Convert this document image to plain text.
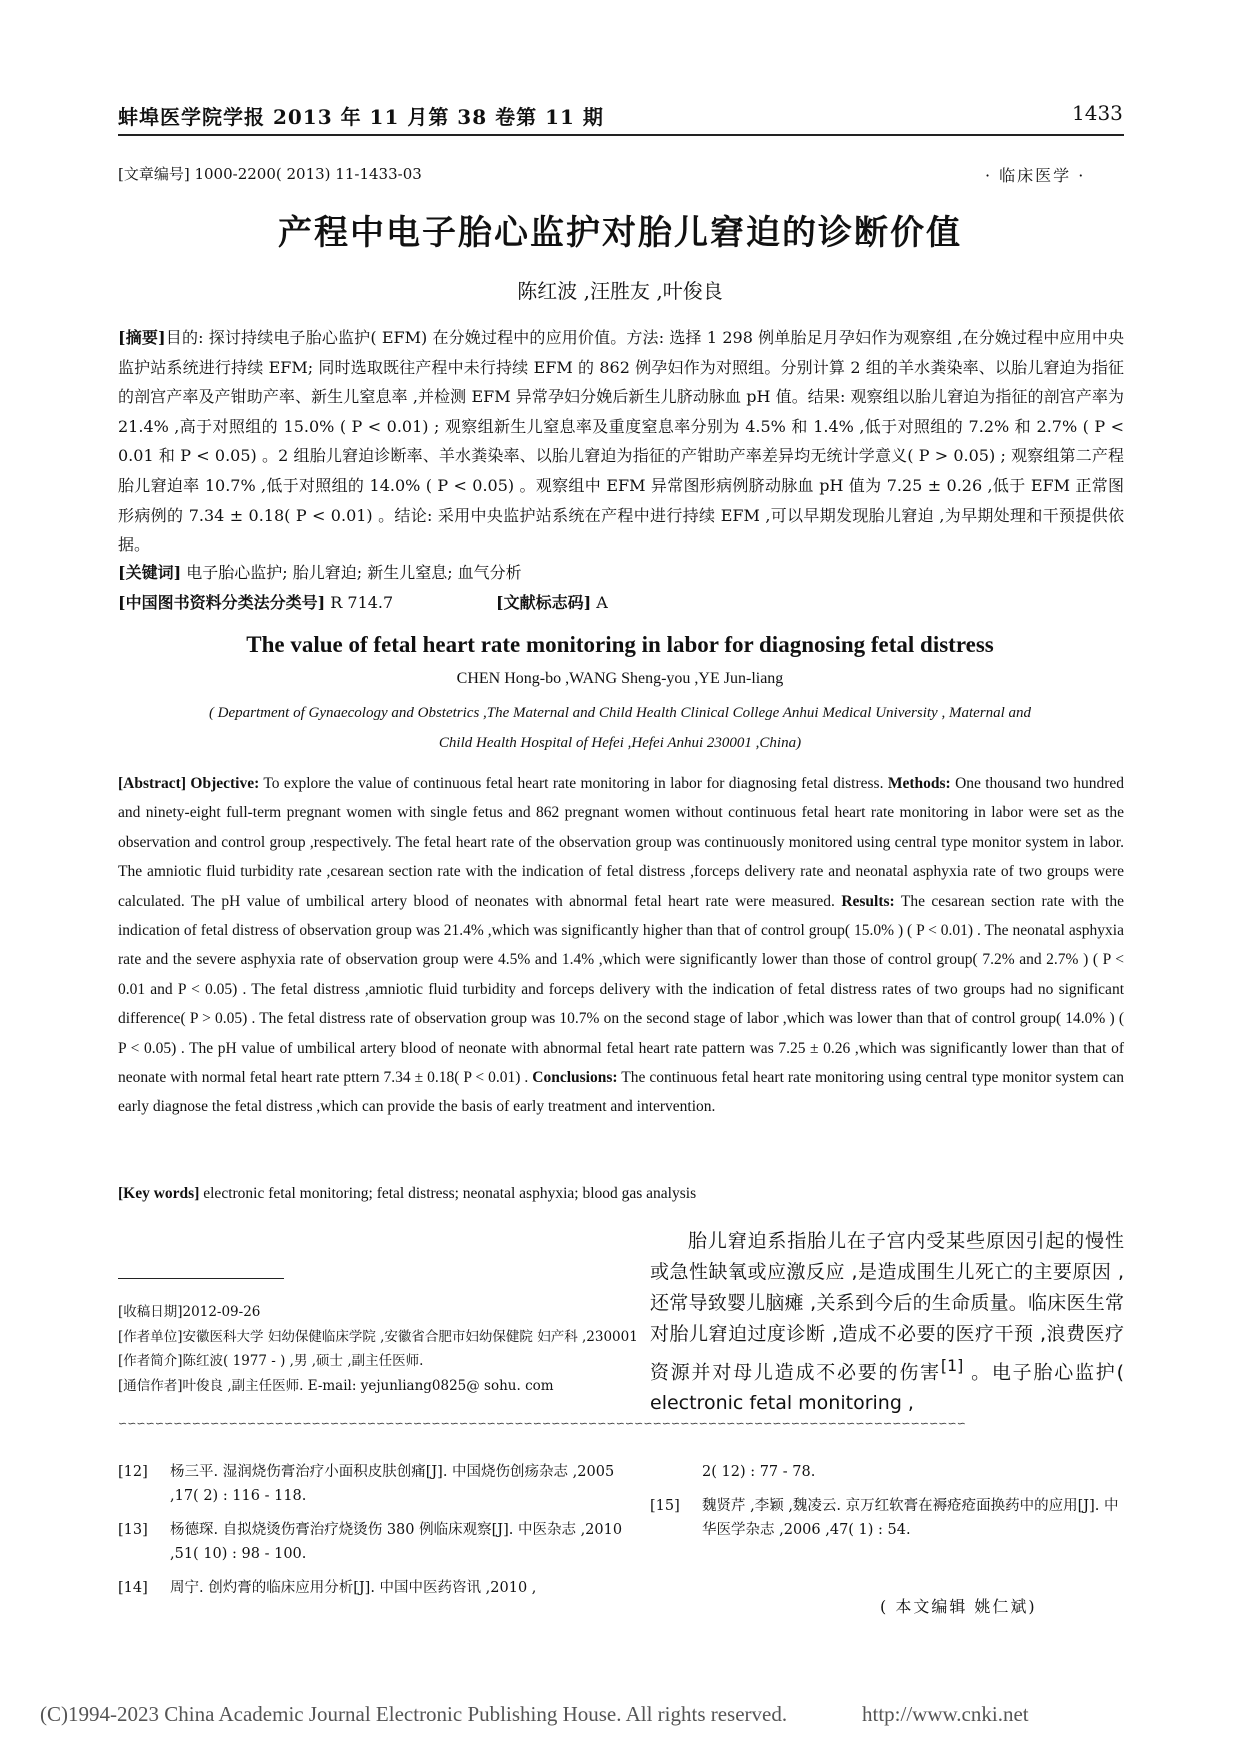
蚌埠医学院学报 2013 年 11 月第 38 卷第 11 期	1433
[文章编号] 1000-2200( 2013) 11-1433-03	· 临床医学 ·
产程中电子胎心监护对胎儿窘迫的诊断价值
陈红波 ,汪胜友 ,叶俊良
[摘要]目的: 探讨持续电子胎心监护( EFM) 在分娩过程中的应用价值。方法: 选择 1 298 例单胎足月孕妇作为观察组 ,在分娩过程中应用中央监护站系统进行持续 EFM; 同时选取既往产程中未行持续 EFM 的 862 例孕妇作为对照组。分别计算 2 组的羊水粪染率、以胎儿窘迫为指征的剖宫产率及产钳助产率、新生儿窒息率 ,并检测 EFM 异常孕妇分娩后新生儿脐动脉血 pH 值。结果: 观察组以胎儿窘迫为指征的剖宫产率为 21.4% ,高于对照组的 15.0% ( P < 0.01) ; 观察组新生儿窒息率及重度窒息率分别为 4.5% 和 1.4% ,低于对照组的 7.2% 和 2.7% ( P < 0.01 和 P < 0.05) 。2 组胎儿窘迫诊断率、羊水粪染率、以胎儿窘迫为指征的产钳助产率差异均无统计学意义( P > 0.05) ; 观察组第二产程胎儿窘迫率 10.7% ,低于对照组的 14.0% ( P < 0.05) 。观察组中 EFM 异常图形病例脐动脉血 pH 值为 7.25 ± 0.26 ,低于 EFM 正常图形病例的 7.34 ± 0.18( P < 0.01) 。结论: 采用中央监护站系统在产程中进行持续 EFM ,可以早期发现胎儿窘迫 ,为早期处理和干预提供依据。
[关键词] 电子胎心监护; 胎儿窘迫; 新生儿窒息; 血气分析
[中国图书资料分类法分类号] R 714.7	[文献标志码] A
The value of fetal heart rate monitoring in labor for diagnosing fetal distress
CHEN Hong-bo ,WANG Sheng-you ,YE Jun-liang
( Department of Gynaecology and Obstetrics ,The Maternal and Child Health Clinical College Anhui Medical University , Maternal and Child Health Hospital of Hefei ,Hefei Anhui 230001 ,China)
[Abstract] Objective: To explore the value of continuous fetal heart rate monitoring in labor for diagnosing fetal distress. Methods: One thousand two hundred and ninety-eight full-term pregnant women with single fetus and 862 pregnant women without continuous fetal heart rate monitoring in labor were set as the observation and control group ,respectively. The fetal heart rate of the observation group was continuously monitored using central type monitor system in labor. The amniotic fluid turbidity rate ,cesarean section rate with the indication of fetal distress ,forceps delivery rate and neonatal asphyxia rate of two groups were calculated. The pH value of umbilical artery blood of neonates with abnormal fetal heart rate were measured. Results: The cesarean section rate with the indication of fetal distress of observation group was 21.4% ,which was significantly higher than that of control group( 15.0% ) ( P < 0.01) . The neonatal asphyxia rate and the severe asphyxia rate of observation group were 4.5% and 1.4% ,which were significantly lower than those of control group( 7.2% and 2.7% ) ( P < 0.01 and P < 0.05) . The fetal distress ,amniotic fluid turbidity and forceps delivery with the indication of fetal distress rates of two groups had no significant difference( P > 0.05) . The fetal distress rate of observation group was 10.7% on the second stage of labor ,which was lower than that of control group( 14.0% ) ( P < 0.05) . The pH value of umbilical artery blood of neonate with abnormal fetal heart rate pattern was 7.25 ± 0.26 ,which was significantly lower than that of neonate with normal fetal heart rate pttern 7.34 ± 0.18( P < 0.01) . Conclusions: The continuous fetal heart rate monitoring using central type monitor system can early diagnose the fetal distress ,which can provide the basis of early treatment and intervention.
[Key words] electronic fetal monitoring; fetal distress; neonatal asphyxia; blood gas analysis
[收稿日期] 2012-09-26
[作者单位] 安徽医科大学 妇幼保健临床学院 ,安徽省合肥市妇幼保健院 妇产科 ,230001
[作者简介] 陈红波( 1977 - ) ,男 ,硕士 ,副主任医师.
[通信作者] 叶俊良 ,副主任医师. E-mail: yejunliang0825@ sohu. com
胎儿窘迫系指胎儿在子宫内受某些原因引起的慢性或急性缺氧或应激反应 ,是造成围生儿死亡的主要原因 ,还常导致婴儿脑瘫 ,关系到今后的生命质量。临床医生常对胎儿窘迫过度诊断 ,造成不必要的医疗干预 ,浪费医疗资源并对母儿造成不必要的伤害[1] 。电子胎心监护( electronic fetal monitoring ,
∽∽∽∽∽∽∽∽∽∽∽∽∽∽∽∽∽∽∽∽∽∽∽∽∽∽∽∽∽∽∽∽∽∽∽∽∽∽∽∽∽∽∽∽∽∽∽∽∽∽∽∽∽∽∽∽∽∽∽∽∽∽∽∽∽∽∽∽∽∽∽∽∽∽∽∽∽∽∽∽∽∽∽∽∽∽∽∽∽∽∽∽
[12]	杨三平. 湿润烧伤膏治疗小面积皮肤创痛[J]. 中国烧伤创疡杂志 ,2005 ,17( 2) : 116 - 118.
[13]	杨德琛. 自拟烧烫伤膏治疗烧烫伤 380 例临床观察[J]. 中医杂志 ,2010 ,51( 10) : 98 - 100.
[14]	周宁. 创灼膏的临床应用分析[J]. 中国中医药咨讯 ,2010 ,
2( 12) : 77 - 78.
[15]	魏贤芹 ,李颖 ,魏凌云. 京万红软膏在褥疮疮面换药中的应用[J]. 中华医学杂志 ,2006 ,47( 1) : 54.
( 本文编辑 姚仁斌)
(C)1994-2023 China Academic Journal Electronic Publishing House. All rights reserved.	http://www.cnki.net
